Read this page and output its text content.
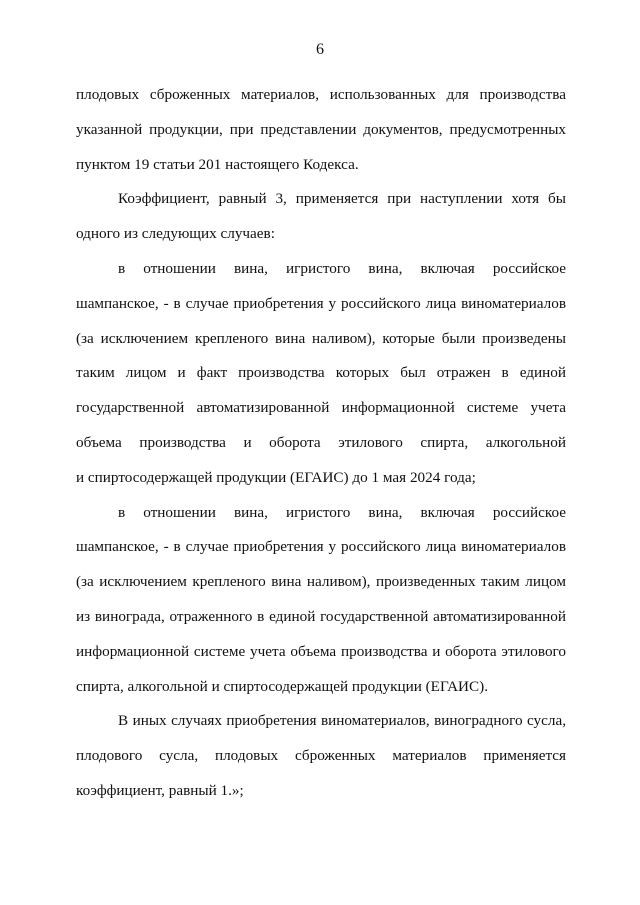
6
плодовых сброженных материалов, использованных для производства
указанной продукции, при представлении документов, предусмотренных
пунктом 19 статьи 201 настоящего Кодекса.
Коэффициент, равный 3, применяется при наступлении хотя бы
одного из следующих случаев:
в отношении вина, игристого вина, включая российское
шампанское, - в случае приобретения у российского лица виноматериалов
(за исключением крепленого вина наливом), которые были произведены
таким лицом и факт производства которых был отражен в единой
государственной автоматизированной информационной системе учета
объема производства и оборота этилового спирта, алкогольной
и спиртосодержащей продукции (ЕГАИС) до 1 мая 2024 года;
в отношении вина, игристого вина, включая российское
шампанское, - в случае приобретения у российского лица виноматериалов
(за исключением крепленого вина наливом), произведенных таким лицом
из винограда, отраженного в единой государственной автоматизированной
информационной системе учета объема производства и оборота этилового
спирта, алкогольной и спиртосодержащей продукции (ЕГАИС).
В иных случаях приобретения виноматериалов, виноградного сусла,
плодового сусла, плодовых сброженных материалов применяется
коэффициент, равный 1.»;
